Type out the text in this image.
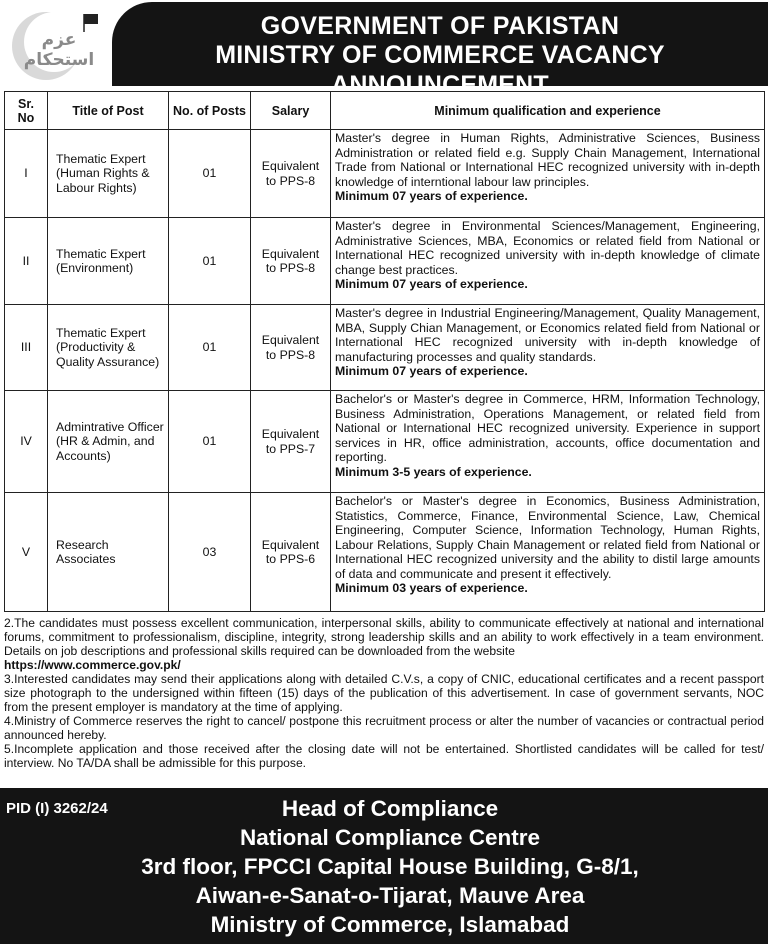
عزم استحکام
GOVERNMENT OF PAKISTAN
MINISTRY OF COMMERCE VACANCY ANNOUNCEMENT
Sr. No	Title of Post	No. of Posts	Salary	Minimum qualification and experience
I	Thematic Expert (Human Rights & Labour Rights)	01	Equivalent to PPS-8	Master's degree in Human Rights, Administrative Sciences, Business Administration or related field e.g. Supply Chain Management, International Trade from National or International HEC recognized university with in-depth knowledge of interntional labour law principles.
Minimum 07 years of experience.

II	Thematic Expert (Environment)	01	Equivalent to PPS-8	Master's degree in Environmental Sciences/Management, Engineering, Administrative Sciences, MBA, Economics or related field from National or International HEC recognized university with in-depth knowledge of climate change best practices.
Minimum 07 years of experience.

III	Thematic Expert (Productivity & Quality Assurance)	01	Equivalent to PPS-8	Master's degree in Industrial Engineering/Management, Quality Management, MBA, Supply Chian Management, or Economics related field from National or International HEC recognized university with in-depth knowledge of manufacturing processes and quality standards.
Minimum 07 years of experience.

IV	Admintrative Officer (HR & Admin, and Accounts)	01	Equivalent to PPS-7	Bachelor's or Master's degree in Commerce, HRM, Information Technology, Business Administration, Operations Management, or related field from National or International HEC recognized university. Experience in support services in HR, office administration, accounts, office documentation and reporting.
Minimum 3-5 years of experience.

V	Research Associates	03	Equivalent to PPS-6	Bachelor's or Master's degree in Economics, Business Administration, Statistics, Commerce, Finance, Environmental Science, Law, Chemical Engineering, Computer Science, Information Technology, Human Rights, Labour Relations, Supply Chain Management or related field from National or International HEC recognized university and the ability to distil large amounts of data and communicate and present it effectively.
Minimum 03 years of experience.

2.The candidates must possess excellent communication, interpersonal skills, ability to communicate effectively at national and international forums, commitment to professionalism, discipline, integrity, strong leadership skills and an ability to work effectively in a team environment. Details on job descriptions and professional skills required can be downloaded from the website
https://www.commerce.gov.pk/

3.Interested candidates may send their applications along with detailed C.V.s, a copy of CNIC, educational certificates and a recent passport size photograph to the undersigned within fifteen (15) days of the publication of this advertisement. In case of government servants, NOC from the present employer is mandatory at the time of applying.

4.Ministry of Commerce reserves the right to cancel/ postpone this recruitment process or alter the number of vacancies or contractual period announced hereby.

5.Incomplete application and those received after the closing date will not be entertained. Shortlisted candidates will be called for test/ interview. No TA/DA shall be admissible for this purpose.

PID (I) 3262/24	Head of Compliance
National Compliance Centre
3rd floor, FPCCI Capital House Building, G-8/1,
Aiwan-e-Sanat-o-Tijarat, Mauve Area
Ministry of Commerce, Islamabad
